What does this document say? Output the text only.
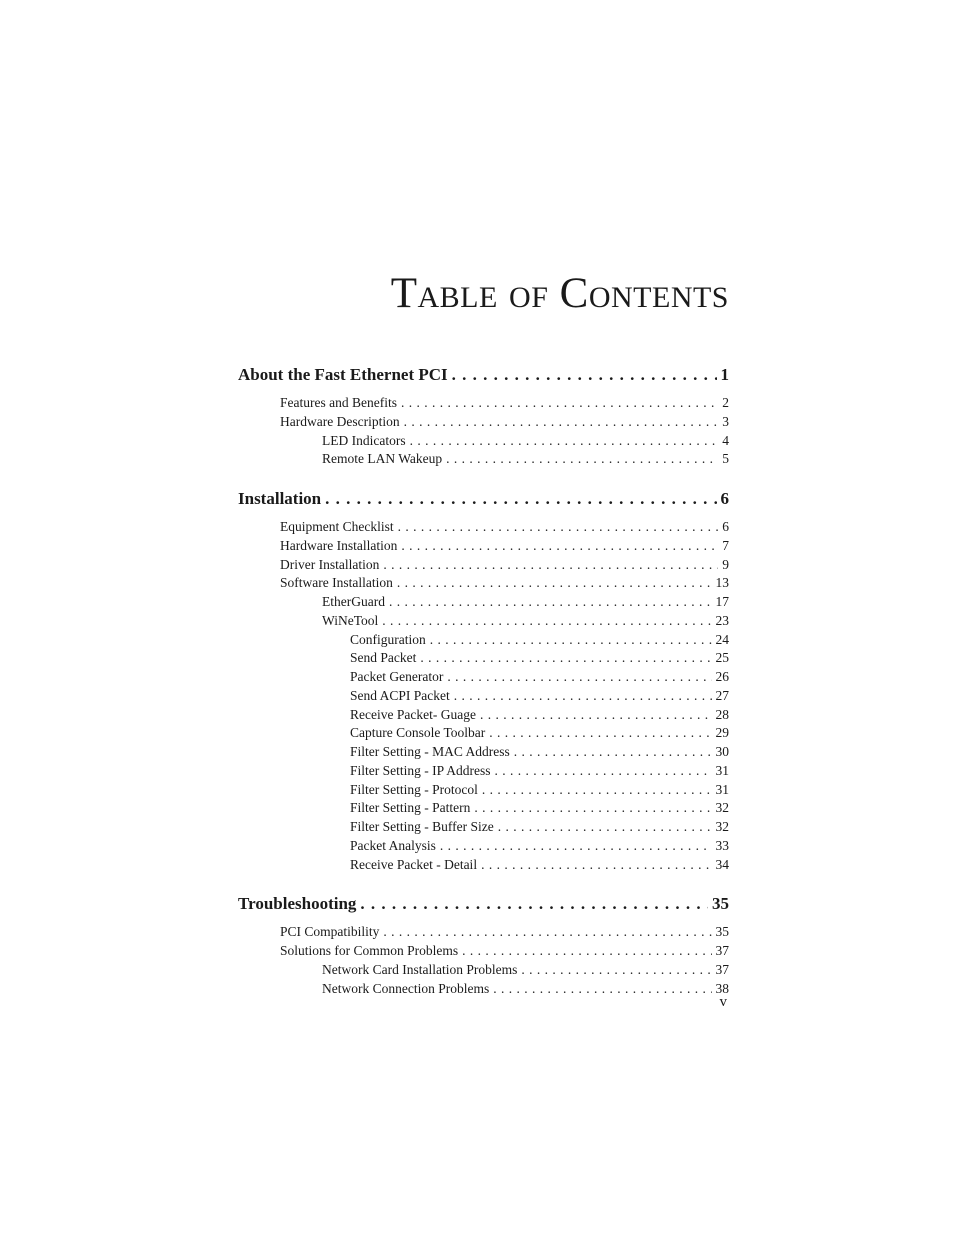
Table of Contents
About the Fast Ethernet PCI . . .	1
Features and Benefits . . .	2
Hardware Description . . .	3
LED Indicators . . .	4
Remote LAN Wakeup . . .	5
Installation . . .	6
Equipment Checklist . . .	6
Hardware Installation . . .	7
Driver Installation . . .	9
Software Installation . . .	13
EtherGuard . . .	17
WiNeTool . . .	23
Configuration . . .	24
Send Packet . . .	25
Packet Generator . . .	26
Send ACPI Packet . . .	27
Receive Packet- Guage . . .	28
Capture Console Toolbar . . .	29
Filter Setting - MAC Address . . .	30
Filter Setting - IP Address . . .	31
Filter Setting - Protocol . . .	31
Filter Setting - Pattern . . .	32
Filter Setting - Buffer Size . . .	32
Packet Analysis . . .	33
Receive Packet - Detail . . .	34
Troubleshooting . . .	35
PCI Compatibility . . .	35
Solutions for Common Problems . . .	37
Network Card Installation Problems . . .	37
Network Connection Problems . . .	38
v
